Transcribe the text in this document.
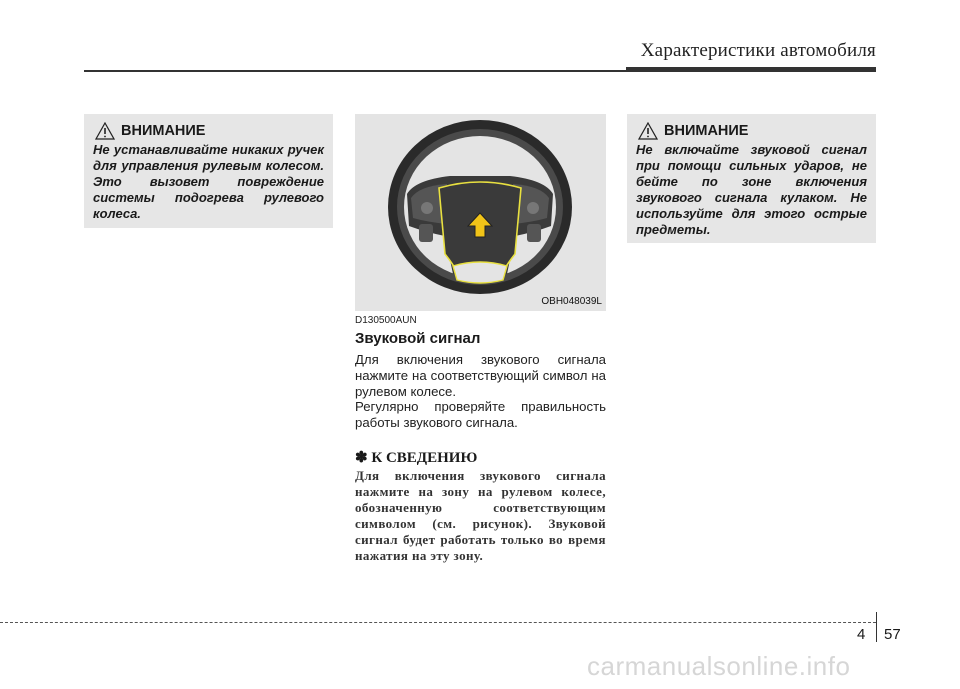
Характеристики автомобиля
ВНИМАНИЕ
Не устанавливайте никаких ручек для управления рулевым колесом. Это вызовет повреждение системы подогрева рулевого колеса.
OBH048039L
D130500AUN
Звуковой сигнал
Для включения звукового сигнала нажмите на соответствующий символ на рулевом колесе.
Регулярно проверяйте правильность работы звукового сигнала.
✽ К СВЕДЕНИЮ
Для включения звукового сигнала нажмите на зону на рулевом колесе, обозначенную соответствующим символом (см. рисунок). Звуковой сигнал будет работать только во время нажатия на эту зону.
ВНИМАНИЕ
Не включайте звуковой сигнал при помощи сильных ударов, не бейте по зоне включения звукового сигнала кулаком. Не используйте для этого острые предметы.
4 57
carmanualsonline.info
